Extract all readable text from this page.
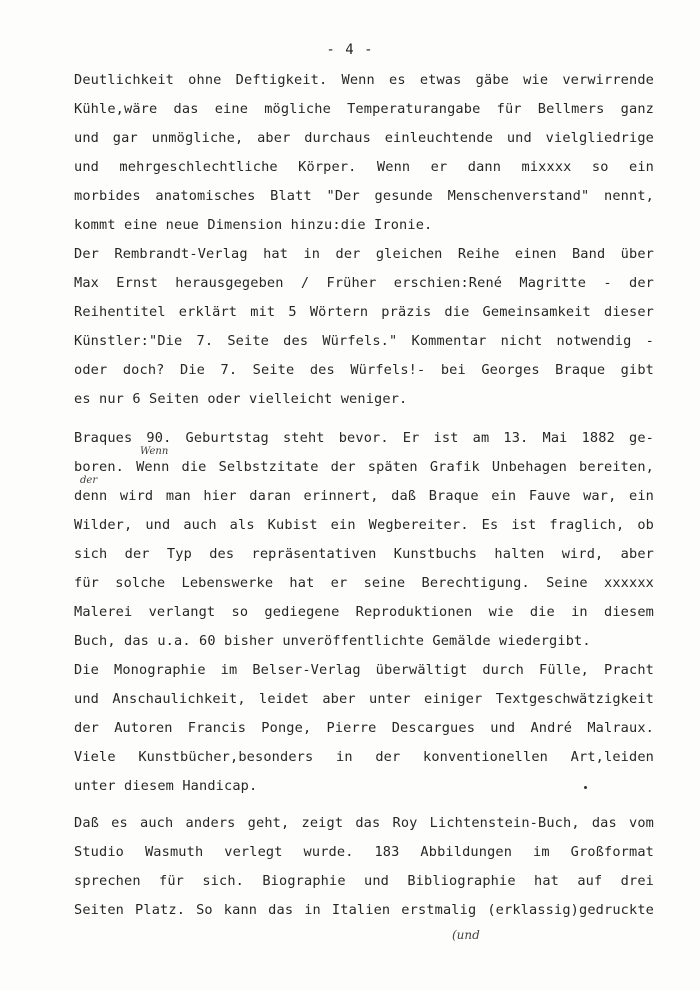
- 4 -
Deutlichkeit ohne Deftigkeit. Wenn es etwas gäbe wie verwirrende
Kühle,wäre das eine mögliche Temperaturangabe für Bellmers ganz
und gar unmögliche, aber durchaus einleuchtende und vielgliedrige
und mehrgeschlechtliche Körper. Wenn er dann mixxxx so ein
morbides anatomisches Blatt "Der gesunde Menschenverstand" nennt,
kommt eine neue Dimension hinzu:die Ironie.
Der Rembrandt-Verlag hat in der gleichen Reihe einen Band über
Max Ernst herausgegeben / Früher erschien:René Magritte - der
Reihentitel erklärt mit 5 Wörtern präzis die Gemeinsamkeit dieser
Künstler:"Die 7. Seite des Würfels." Kommentar nicht notwendig -
oder doch? Die 7. Seite des Würfels!- bei Georges Braque gibt
es nur 6 Seiten oder vielleicht weniger.
Braques 90. Geburtstag steht bevor. Er ist am 13. Mai 1882 ge-
boren. Wenn die Selbstzitate der späten Grafik Unbehagen bereiten,
denn wird man hier daran erinnert, daß Braque ein Fauve war, ein
Wilder, und auch als Kubist ein Wegbereiter. Es ist fraglich, ob
sich der Typ des repräsentativen Kunstbuchs halten wird, aber
für solche Lebenswerke hat er seine Berechtigung. Seine xxxxxx
Malerei verlangt so gediegene Reproduktionen wie die in diesem
Buch, das u.a. 60 bisher unveröffentlichte Gemälde wiedergibt.
Die Monographie im Belser-Verlag überwältigt durch Fülle, Pracht
und Anschaulichkeit, leidet aber unter einiger Textgeschwätzigkeit
der Autoren Francis Ponge, Pierre Descargues und André Malraux.
Viele Kunstbücher,besonders in der konventionellen Art,leiden
unter diesem Handicap.
Daß es auch anders geht, zeigt das Roy Lichtenstein-Buch, das vom
Studio Wasmuth verlegt wurde. 183 Abbildungen im Großformat
sprechen für sich. Biographie und Bibliographie hat auf drei
Seiten Platz. So kann das in Italien erstmalig (erklassig)gedruckte
Wenn
der
(und
